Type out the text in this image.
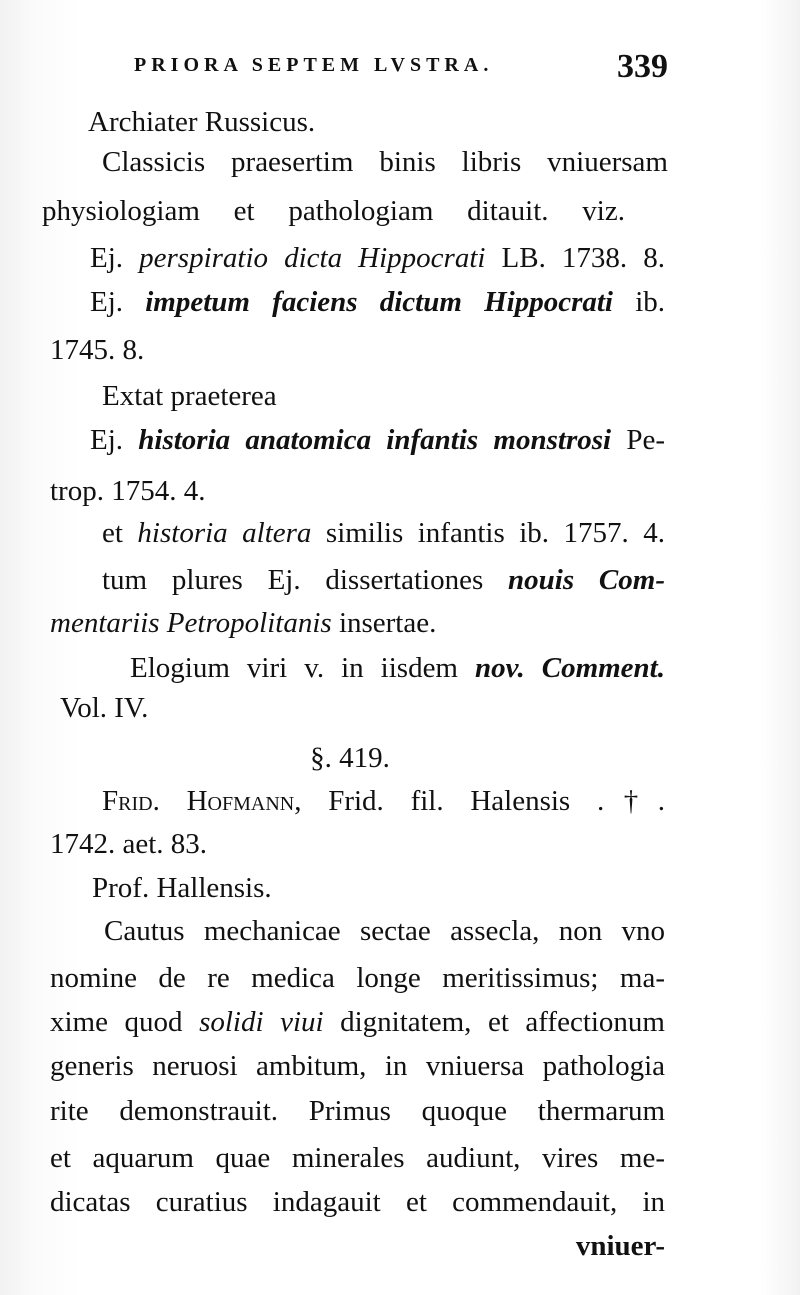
PRIORA SEPTEM LVSTRA.	339
Archiater Russicus.
Classicis praesertim binis libris vniuersam
physiologiam et pathologiam ditauit. viz.
Ej. perspiratio dicta Hippocrati LB. 1738. 8.
Ej. impetum faciens dictum Hippocrati ib.
1745. 8.
Extat praeterea
Ej. historia anatomica infantis monstrosi Pe-
trop. 1754. 4.
et historia altera similis infantis ib. 1757. 4.
tum plures Ej. dissertationes nouis Com-
mentariis Petropolitanis insertae.
Elogium viri v. in iisdem nov. Comment.
Vol. IV.
§. 419.
Frid. Hofmann, Frid. fil. Halensis .†.
1742. aet. 83.
Prof. Hallensis.
Cautus mechanicae sectae assecla, non vno
nomine de re medica longe meritissimus; ma-
xime quod solidi viui dignitatem, et affectionum
generis neruosi ambitum, in vniuersa pathologia
rite demonstrauit. Primus quoque thermarum
et aquarum quae minerales audiunt, vires me-
dicatas curatius indagauit et commendauit, in
vniuer-
